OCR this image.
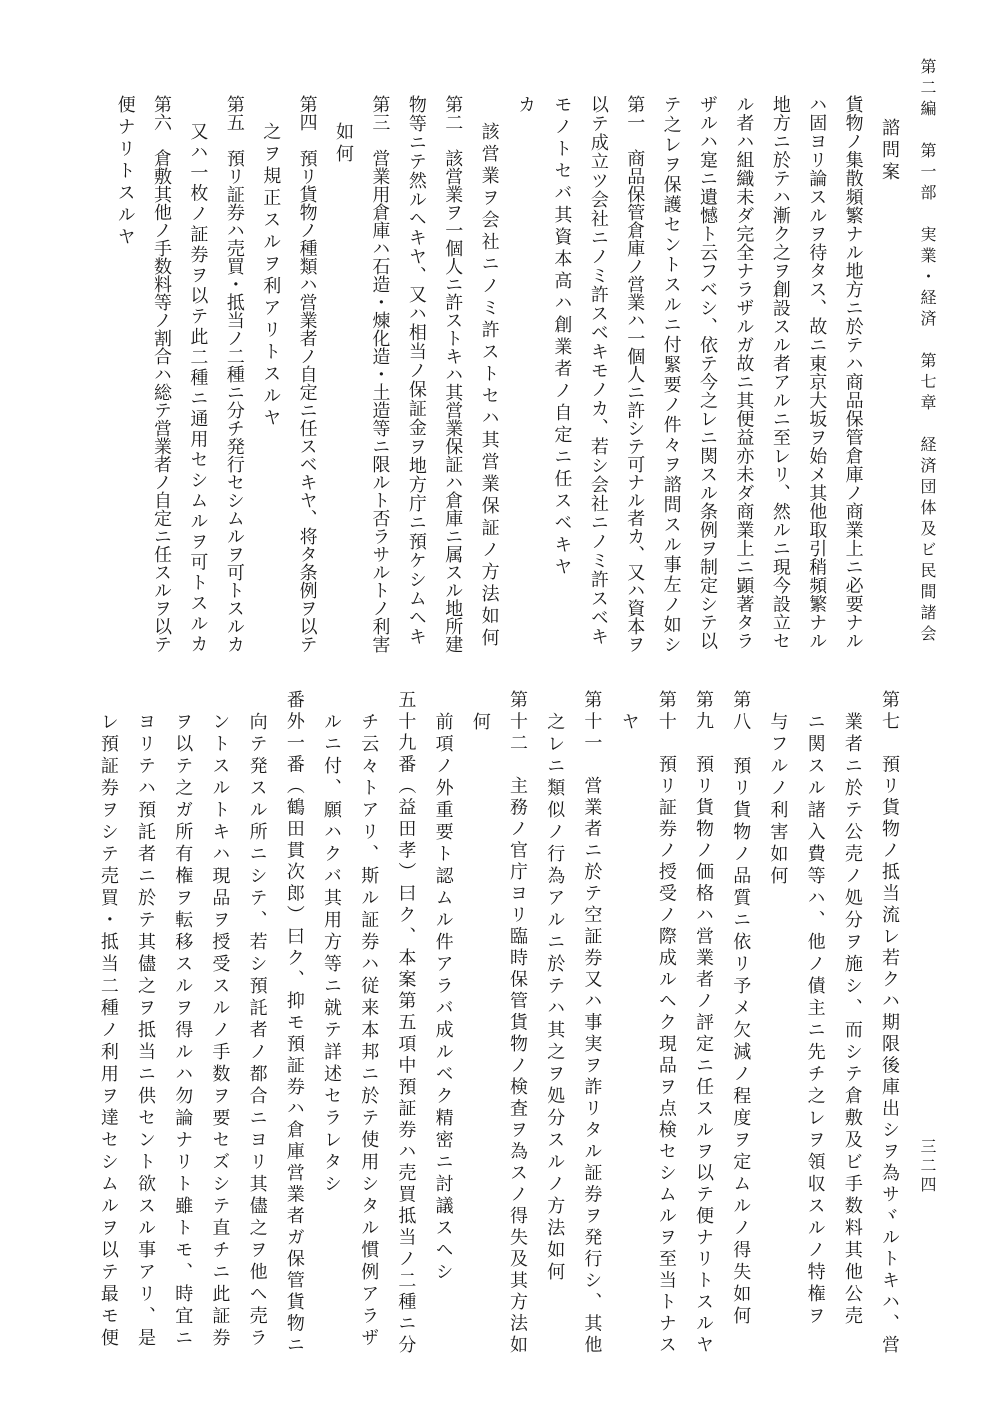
第二編　第一部　実業・経済　第七章　経済団体及ビ民間諸会
三二四
諮問案
貨物ノ集散頻繁ナル地方ニ於テハ商品保管倉庫ノ商業上ニ必要ナル
ハ固ヨリ論スルヲ待タス、故ニ東京大坂ヲ始メ其他取引稍頻繁ナル
地方ニ於テハ漸ク之ヲ創設スル者アルニ至レリ、然ルニ現今設立セ
ル者ハ組織未ダ完全ナラザルガ故ニ其便益亦未ダ商業上ニ顕著タラ
ザルハ寔ニ遺憾ト云フベシ、依テ今之レニ関スル条例ヲ制定シテ以
テ之レヲ保護セントスルニ付緊要ノ件々ヲ諮問スル事左ノ如シ
第一　商品保管倉庫ノ営業ハ一個人ニ許シテ可ナル者カ、又ハ資本ヲ
以テ成立ツ会社ニノミ許スベキモノカ、若シ会社ニノミ許スベキ
モノトセバ其資本高ハ創業者ノ自定ニ任スベキヤ
カ
該営業ヲ会社ニノミ許ストセハ其営業保証ノ方法如何
第二　該営業ヲ一個人ニ許ストキハ其営業保証ハ倉庫ニ属スル地所建
物等ニテ然ルヘキヤ、又ハ相当ノ保証金ヲ地方庁ニ預ケシムヘキ
第三　営業用倉庫ハ石造・煉化造・土造等ニ限ルト否ラサルトノ利害
如何
第四　預リ貨物ノ種類ハ営業者ノ自定ニ任スベキヤ、将タ条例ヲ以テ
之ヲ規正スルヲ利アリトスルヤ
第五　預リ証券ハ売買・抵当ノ二種ニ分チ発行セシムルヲ可トスルカ
又ハ一枚ノ証券ヲ以テ此二種ニ通用セシムルヲ可トスルカ
第六　倉敷其他ノ手数料等ノ割合ハ総テ営業者ノ自定ニ任スルヲ以テ
便ナリトスルヤ
第七　預リ貨物ノ抵当流レ若クハ期限後庫出シヲ為サヾルトキハ、営
業者ニ於テ公売ノ処分ヲ施シ、而シテ倉敷及ビ手数料其他公売
ニ関スル諸入費等ハ、他ノ債主ニ先チ之レヲ領収スルノ特権ヲ
与フルノ利害如何
第八　預リ貨物ノ品質ニ依リ予メ欠減ノ程度ヲ定ムルノ得失如何
第九　預リ貨物ノ価格ハ営業者ノ評定ニ任スルヲ以テ便ナリトスルヤ
第十　預リ証券ノ授受ノ際成ルヘク現品ヲ点検セシムルヲ至当トナス
ヤ
第十一　営業者ニ於テ空証券又ハ事実ヲ詐リタル証券ヲ発行シ、其他
之レニ類似ノ行為アルニ於テハ其之ヲ処分スルノ方法如何
第十二　主務ノ官庁ヨリ臨時保管貨物ノ検査ヲ為スノ得失及其方法如
何
前項ノ外重要ト認ムル件アラバ成ルベク精密ニ討議スヘシ
五十九番（益田孝）曰ク、本案第五項中預証券ハ売買抵当ノ二種ニ分
チ云々トアリ、斯ル証券ハ従来本邦ニ於テ使用シタル慣例アラザ
ルニ付、願ハクバ其用方等ニ就テ詳述セラレタシ
番外一番（鶴田貫次郎）曰ク、抑モ預証券ハ倉庫営業者ガ保管貨物ニ
向テ発スル所ニシテ、若シ預託者ノ都合ニヨリ其儘之ヲ他ヘ売ラ
ントスルトキハ現品ヲ授受スルノ手数ヲ要セズシテ直チニ此証券
ヲ以テ之ガ所有権ヲ転移スルヲ得ルハ勿論ナリト雖トモ、時宜ニ
ヨリテハ預託者ニ於テ其儘之ヲ抵当ニ供セント欲スル事アリ、是
レ預証券ヲシテ売買・抵当二種ノ利用ヲ達セシムルヲ以テ最モ便
